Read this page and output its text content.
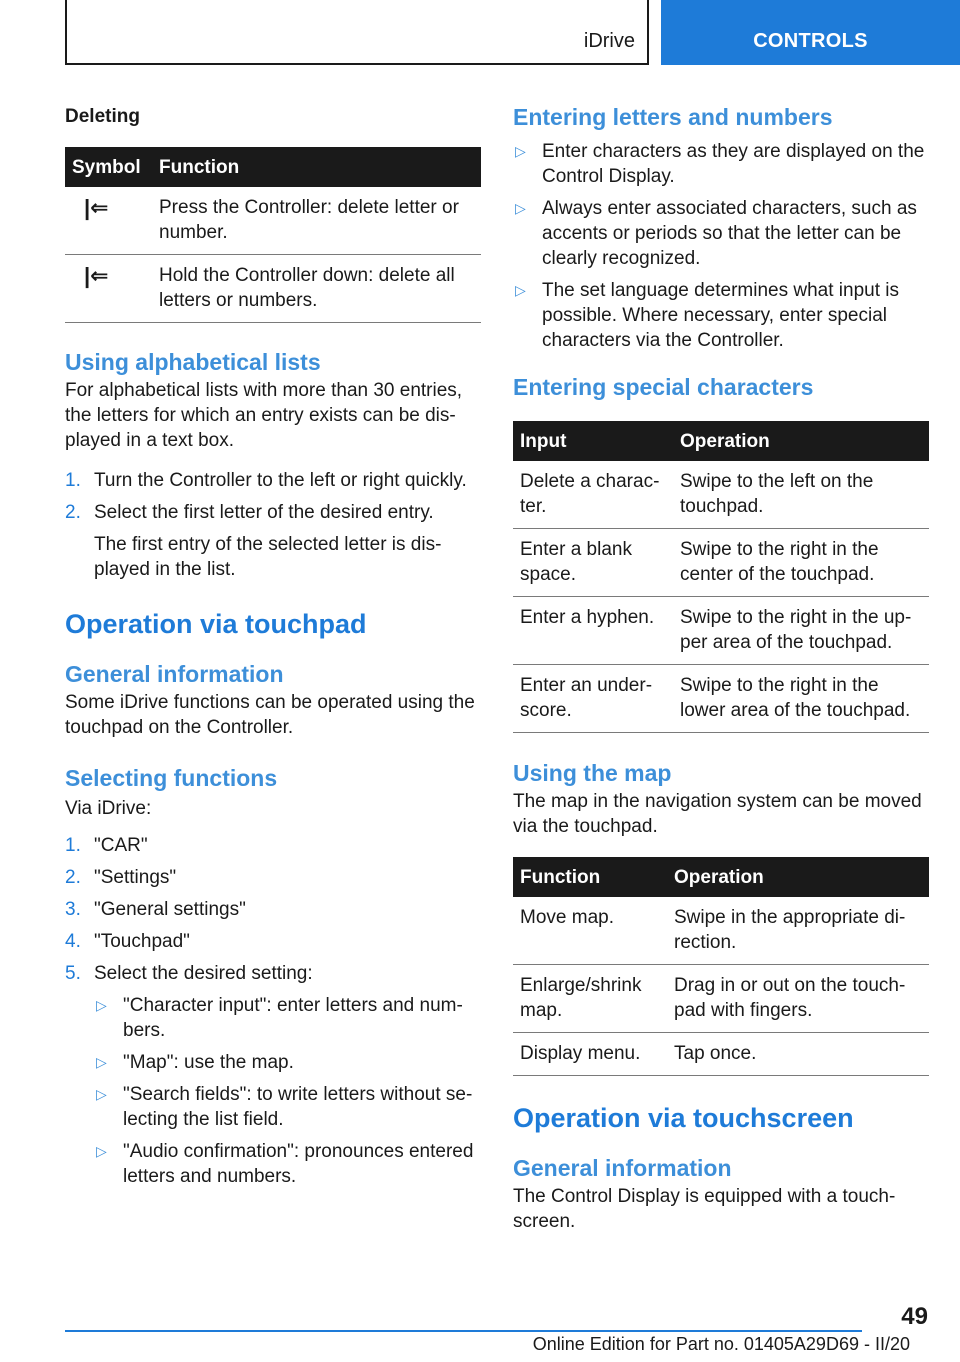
iDrive	CONTROLS
Deleting
Symbol	Function
|⇐	Press the Controller: delete letter or number.
|⇐	Hold the Controller down: delete all letters or numbers.
Using alphabetical lists

For alphabetical lists with more than 30 entries, the letters for which an entry exists can be displayed in a text box.

1. Turn the Controller to the left or right quickly.
2. Select the first letter of the desired entry.

The first entry of the selected letter is displayed in the list.

Operation via touchpad
General information

Some iDrive functions can be operated using the touchpad on the Controller.

Selecting functions

Via iDrive:

1. "CAR"
2. "Settings"
3. "General settings"
4. "Touchpad"
5. Select the desired setting:
▷ "Character input": enter letters and numbers.
▷ "Map": use the map.
▷ "Search fields": to write letters without selecting the list field.
▷ "Audio confirmation": pronounces entered letters and numbers.
Entering letters and numbers
▷ Enter characters as they are displayed on the Control Display.
▷ Always enter associated characters, such as accents or periods so that the letter can be clearly recognized.
▷ The set language determines what input is possible. Where necessary, enter special characters via the Controller.
Entering special characters
Input	Operation
Delete a character.	Swipe to the left on the touchpad.
Enter a blank space.	Swipe to the right in the center of the touchpad.
Enter a hyphen.	Swipe to the right in the upper area of the touchpad.
Enter an underscore.	Swipe to the right in the lower area of the touchpad.
Using the map

The map in the navigation system can be moved via the touchpad.

Function	Operation
Move map.	Swipe in the appropriate direction.
Enlarge/shrink map.	Drag in or out on the touchpad with fingers.
Display menu.	Tap once.
Operation via touchscreen
General information

The Control Display is equipped with a touchscreen.

49
Online Edition for Part no. 01405A29D69 - II/20
